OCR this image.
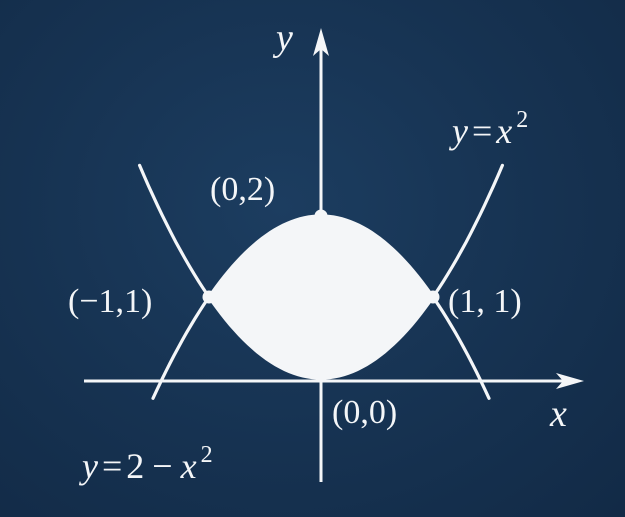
y
x
(0,2)
(−1,1)	(1, 1)
(0,0)
y = x $^2$
y = 2 − x $^2$
